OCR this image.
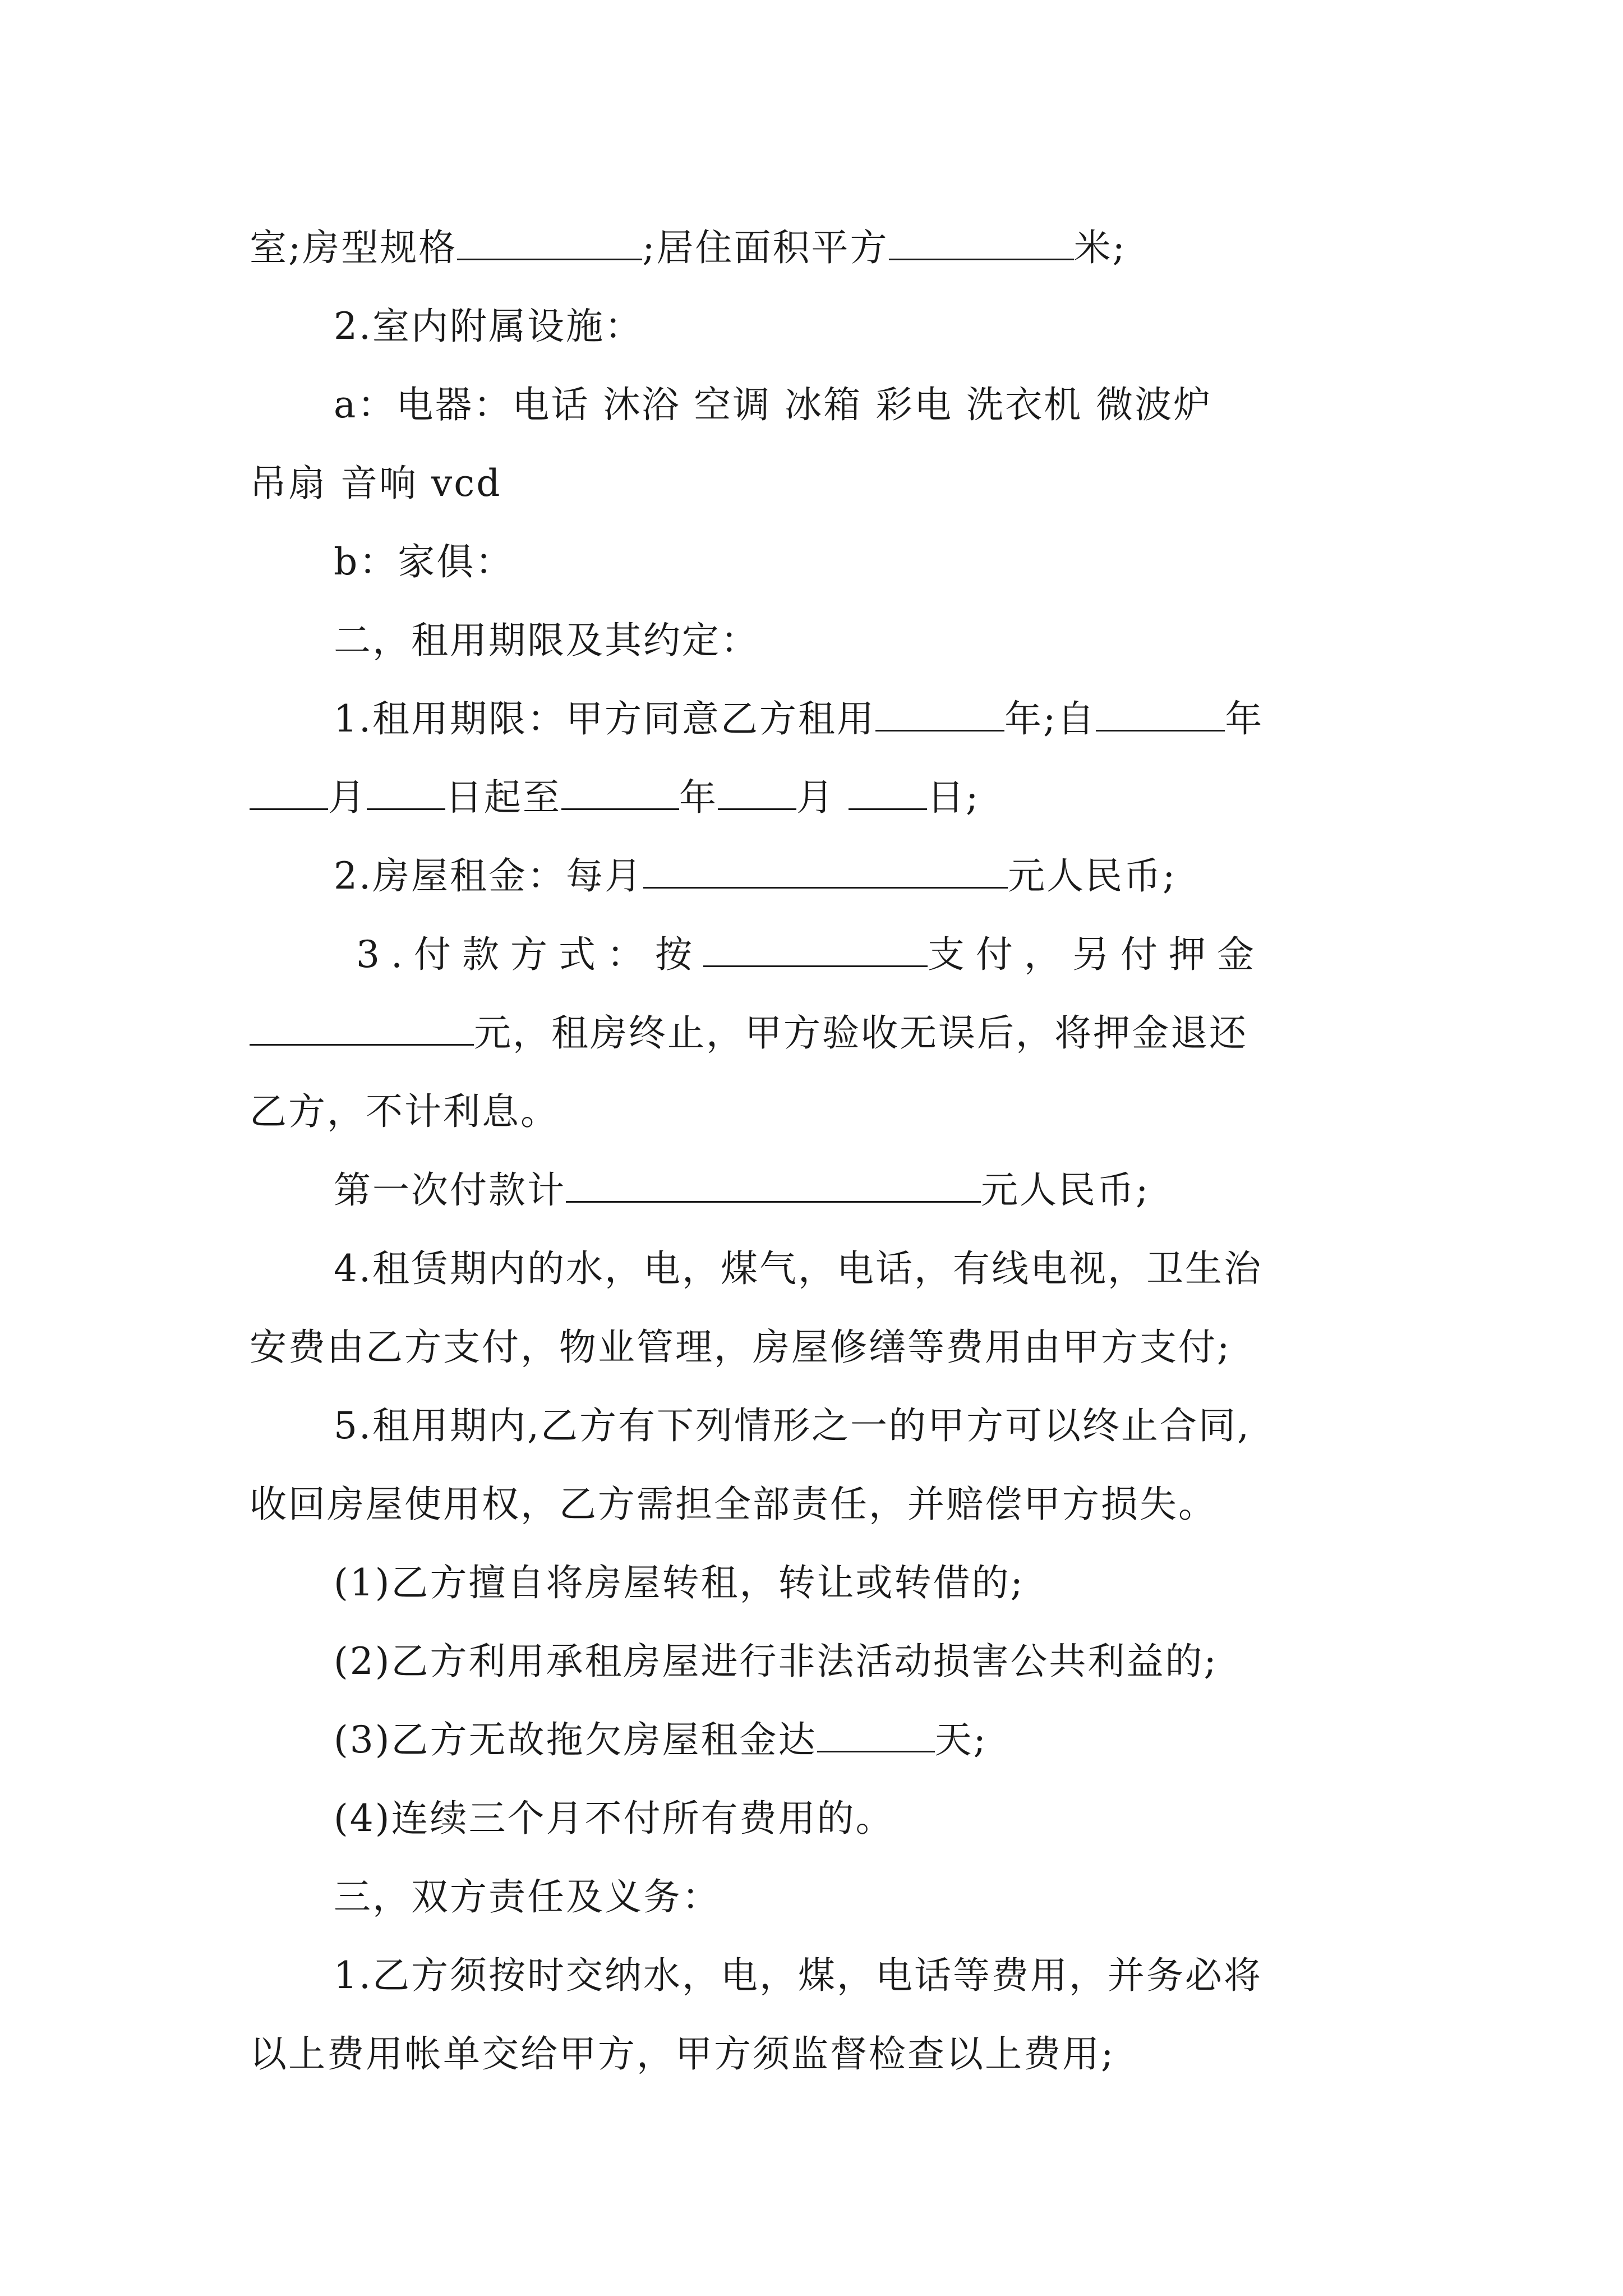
室;房型规格	;居住面积平方	米;
2.室内附属设施：
a：电器：电话 沐浴 空调 冰箱 彩电 洗衣机 微波炉
吊扇 音响 vcd
b：家俱：
二，租用期限及其约定：
1.租用期限：甲方同意乙方租用	年;自	年
月 日起至	年 月 日;
2.房屋租金：每月	元人民币;
3.付款方式：按	支付，另付押金
元，租房终止，甲方验收无误后，将押金退还
乙方，不计利息。
第一次付款计	元人民币;
4.租赁期内的水，电，煤气，电话，有线电视，卫生治
安费由乙方支付，物业管理，房屋修缮等费用由甲方支付;
5.租用期内,乙方有下列情形之一的甲方可以终止合同,
收回房屋使用权，乙方需担全部责任，并赔偿甲方损失。
(1)乙方擅自将房屋转租，转让或转借的;
(2)乙方利用承租房屋进行非法活动损害公共利益的;
(3)乙方无故拖欠房屋租金达	天;
(4)连续三个月不付所有费用的。
三，双方责任及义务：
1.乙方须按时交纳水，电，煤，电话等费用，并务必将
以上费用帐单交给甲方，甲方须监督检查以上费用;
